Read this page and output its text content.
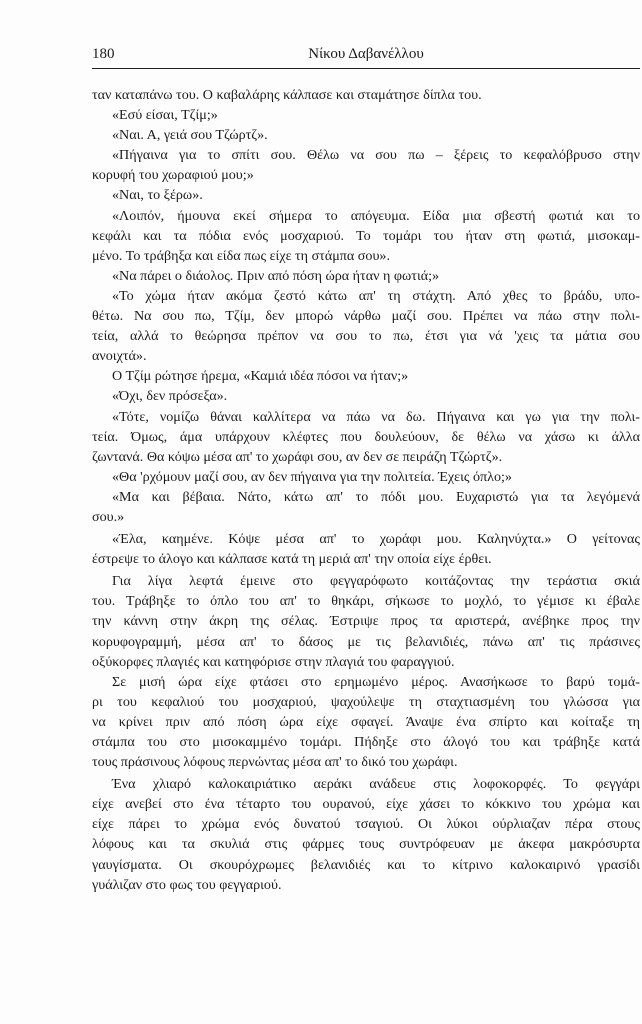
180	Νίκου Δαβανέλλου
ταν καταπάνω του. Ο καβαλάρης κάλπασε και σταμάτησε δίπλα του.
«Εσύ είσαι, Τζίμ;»
«Ναι. Α, γειά σου Τζώρτζ».
«Πήγαινα για το σπίτι σου. Θέλω να σου πω – ξέρεις το κεφαλόβρυσο στην
κορυφή του χωραφιού μου;»
«Ναι, το ξέρω».
«Λοιπόν, ήμουνα εκεί σήμερα το απόγευμα. Είδα μια σβεστή φωτιά και το
κεφάλι και τα πόδια ενός μοσχαριού. Το τομάρι του ήταν στη φωτιά, μισοκαμ-
μένο. Το τράβηξα και είδα πως είχε τη στάμπα σου».
«Να πάρει ο διάολος. Πριν από πόση ώρα ήταν η φωτιά;»
«Το χώμα ήταν ακόμα ζεστό κάτω απ' τη στάχτη. Από χθες το βράδυ, υπο-
θέτω. Να σου πω, Τζίμ, δεν μπορώ νάρθω μαζί σου. Πρέπει να πάω στην πολι-
τεία, αλλά το θεώρησα πρέπον να σου το πω, έτσι για νά 'χεις τα μάτια σου
ανοιχτά».
Ο Τζίμ ρώτησε ήρεμα, «Καμιά ιδέα πόσοι να ήταν;»
«Όχι, δεν πρόσεξα».
«Τότε, νομίζω θάναι καλλίτερα να πάω να δω. Πήγαινα και γω για την πολι-
τεία. Όμως, άμα υπάρχουν κλέφτες που δουλεύουν, δε θέλω να χάσω κι άλλα
ζωντανά. Θα κόψω μέσα απ' το χωράφι σου, αν δεν σε πειράζη Τζώρτζ».
«Θα 'ρχόμουν μαζί σου, αν δεν πήγαινα για την πολιτεία. Έχεις όπλο;»
«Μα και βέβαια. Νάτο, κάτω απ' το πόδι μου. Ευχαριστώ για τα λεγόμενά
σου.»
«Έλα, καημένε. Κόψε μέσα απ' το χωράφι μου. Καληνύχτα.» Ο γείτονας
έστρεψε το άλογο και κάλπασε κατά τη μεριά απ' την οποία είχε έρθει.
Για λίγα λεφτά έμεινε στο φεγγαρόφωτο κοιτάζοντας την τεράστια σκιά
του. Τράβηξε το όπλο του απ' το θηκάρι, σήκωσε το μοχλό, το γέμισε κι έβαλε
την κάννη στην άκρη της σέλας. Έστριψε προς τα αριστερά, ανέβηκε προς την
κορυφογραμμή, μέσα απ' το δάσος με τις βελανιδιές, πάνω απ' τις πράσινες
οξύκορφες πλαγιές και κατηφόρισε στην πλαγιά του φαραγγιού.
Σε μισή ώρα είχε φτάσει στο ερημωμένο μέρος. Ανασήκωσε το βαρύ τομά-
ρι του κεφαλιού του μοσχαριού, ψαχούλεψε τη σταχτιασμένη του γλώσσα για
να κρίνει πριν από πόση ώρα είχε σφαγεί. Άναψε ένα σπίρτο και κοίταξε τη
στάμπα του στο μισοκαμμένο τομάρι. Πήδηξε στο άλογό του και τράβηξε κατά
τους πράσινους λόφους περνώντας μέσα απ' το δικό του χωράφι.
Ένα χλιαρό καλοκαιριάτικο αεράκι ανάδευε στις λοφοκορφές. Το φεγγάρι
είχε ανεβεί στο ένα τέταρτο του ουρανού, είχε χάσει το κόκκινο του χρώμα και
είχε πάρει το χρώμα ενός δυνατού τσαγιού. Οι λύκοι ούρλιαζαν πέρα στους
λόφους και τα σκυλιά στις φάρμες τους συντρόφευαν με άκεφα μακρόσυρτα
γαυγίσματα. Οι σκουρόχρωμες βελανιδιές και το κίτρινο καλοκαιρινό γρασίδι
γυάλιζαν στο φως του φεγγαριού.
